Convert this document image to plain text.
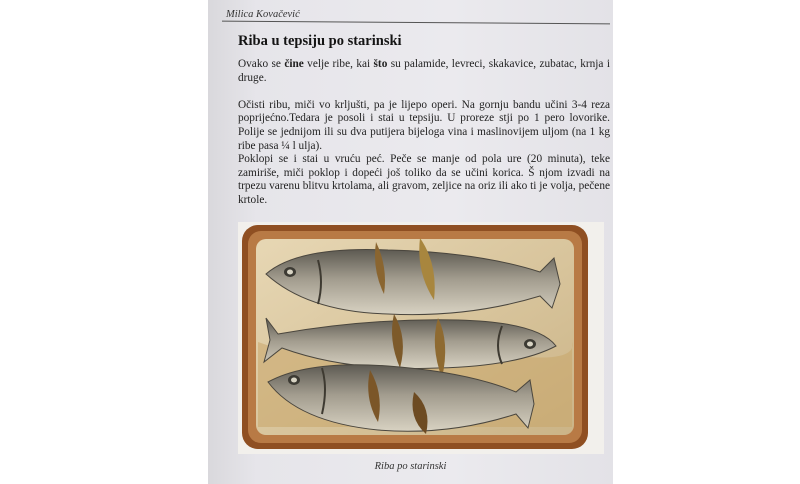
Milica Kovačević
Riba u tepsiju po starinski

Ovako se čine velje ribe, kai što su palamide, levreci, skakavice, zubatac, krnja i druge.

Očisti ribu, miči vo krljušti, pa je lijepo operi. Na gornju bandu učini 3-4 reza poprijećno.Tedara je posoli i stai u tepsiju. U proreze stji po 1 pero lovorike. Polije se jednijom ili su dva putijera bijeloga vina i maslinovijem uljom (na 1 kg ribe pasa ¼ l ulja).

Poklopi se i stai u vruću peć. Peče se manje od pola ure (20 minuta), teke zamiriše, miči poklop i dopeći još toliko da se učini korica. Š njom izvadi na trpezu varenu blitvu krtolama, ali gravom, zeljice na oriz ili ako ti je volja, pečene krtole.

Riba po starinski
